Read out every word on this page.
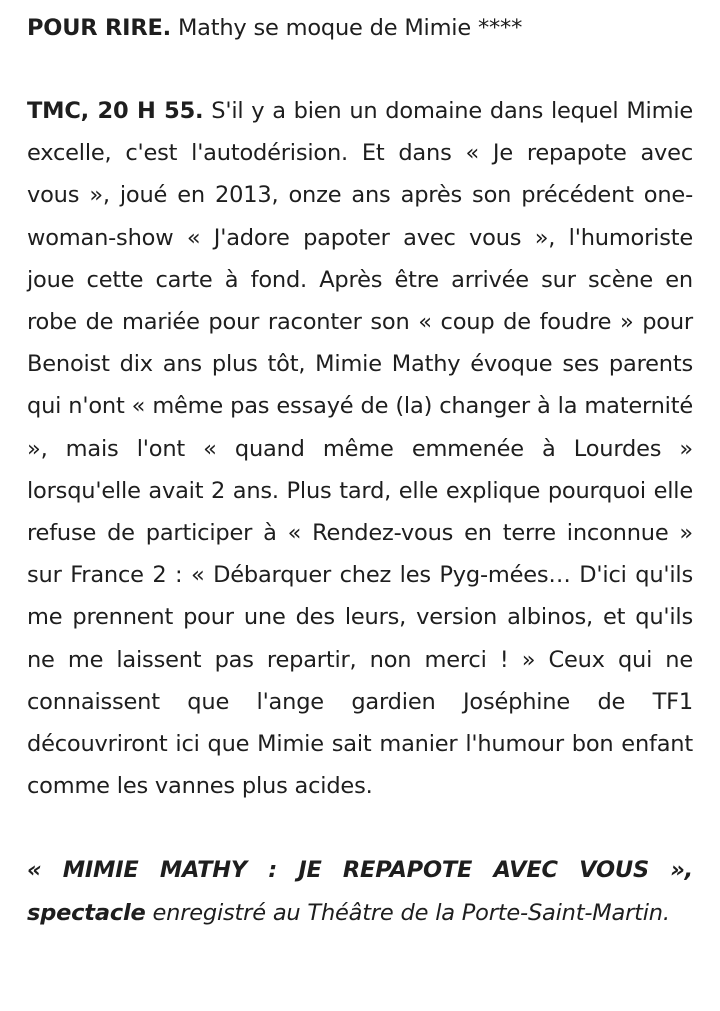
POUR RIRE. Mathy se moque de Mimie ****

TMC, 20 H 55. S'il y a bien un domaine dans lequel Mimie excelle, c'est l'autodérision. Et dans « Je repapote avec vous », joué en 2013, onze ans après son précédent one-woman-show « J'adore papoter avec vous », l'humoriste joue cette carte à fond. Après être arrivée sur scène en robe de mariée pour raconter son « coup de foudre » pour Benoist dix ans plus tôt, Mimie Mathy évoque ses parents qui n'ont « même pas essayé de (la) changer à la maternité », mais l'ont « quand même emmenée à Lourdes » lorsqu'elle avait 2 ans. Plus tard, elle explique pourquoi elle refuse de participer à « Rendez-vous en terre inconnue » sur France 2 : « Débarquer chez les Pyg-mées… D'ici qu'ils me prennent pour une des leurs, version albinos, et qu'ils ne me laissent pas repartir, non merci ! » Ceux qui ne connaissent que l'ange gardien Joséphine de TF1 découvriront ici que Mimie sait manier l'humour bon enfant comme les vannes plus acides.

« MIMIE MATHY : JE REPAPOTE AVEC VOUS », spectacle enregistré au Théâtre de la Porte-Saint-Martin.
